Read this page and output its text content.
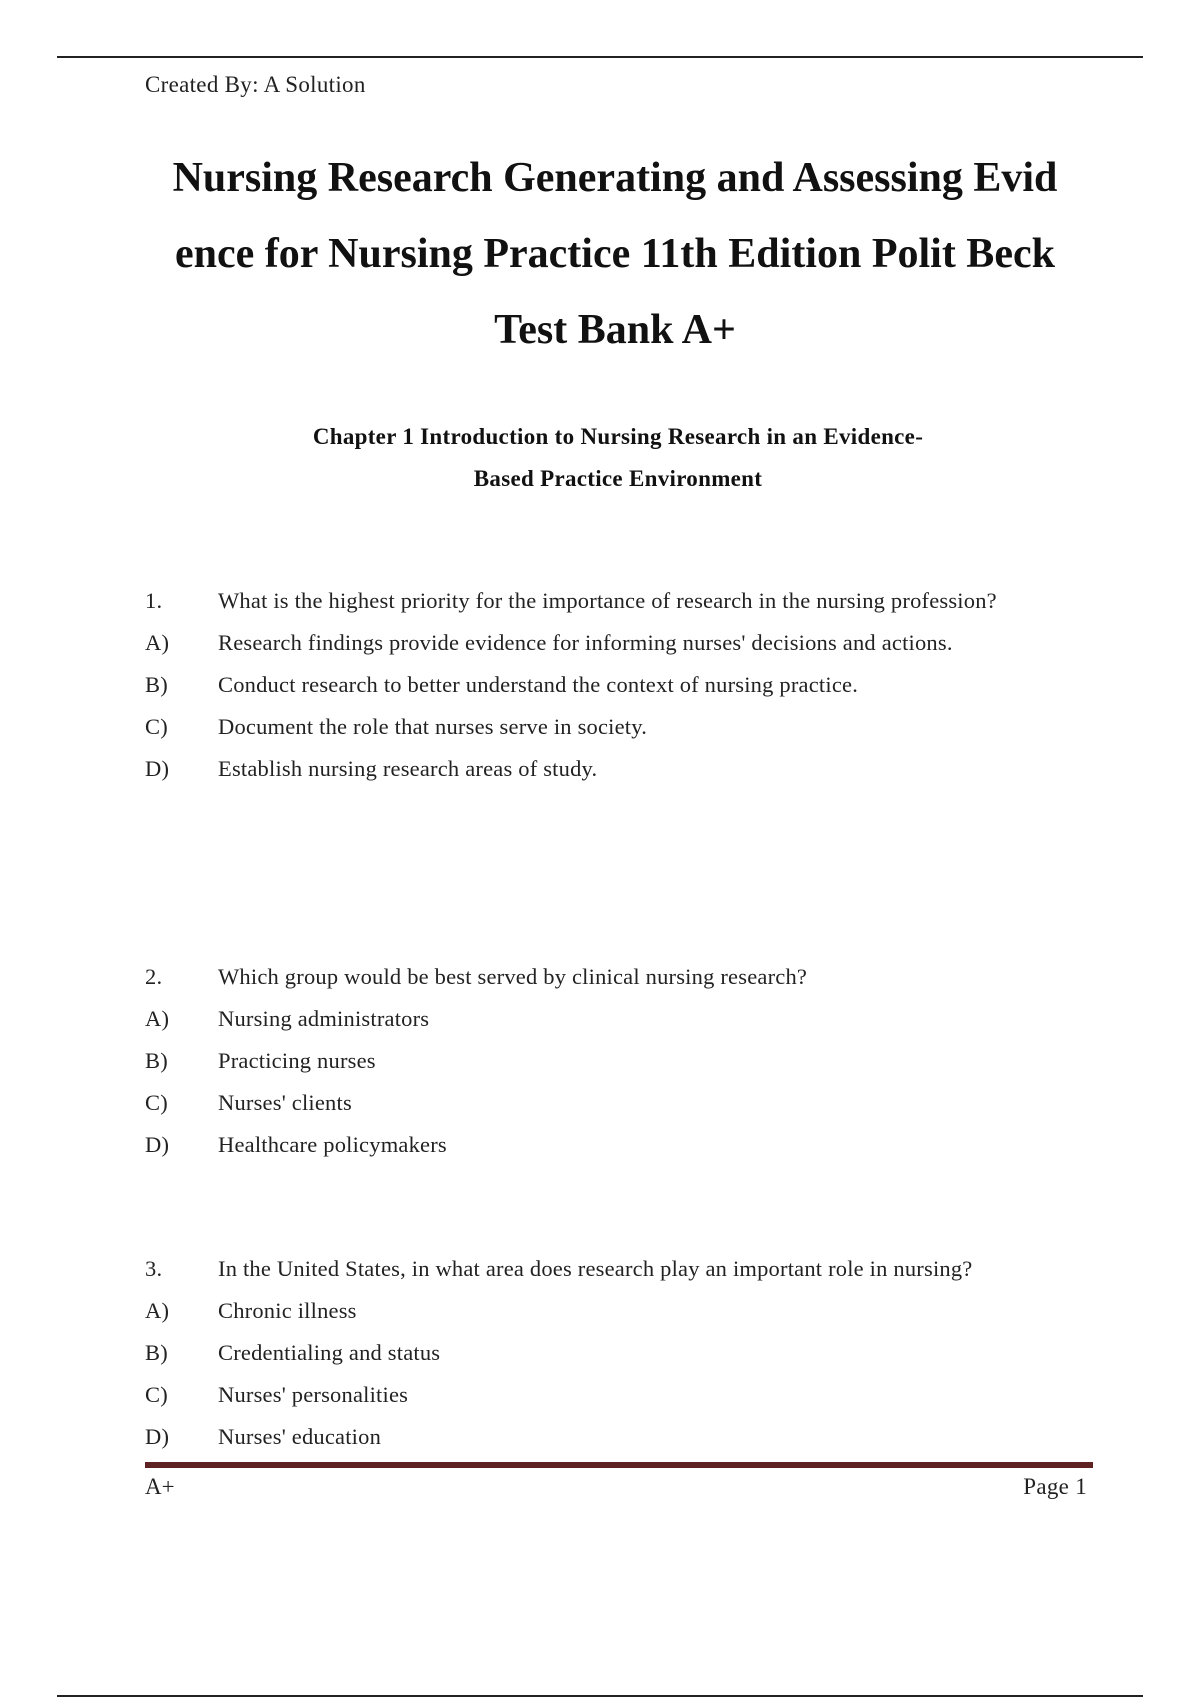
Created By: A Solution
Nursing Research Generating and Assessing Evid
ence for Nursing Practice 11th Edition Polit Beck
Test Bank A+
Chapter 1 Introduction to Nursing Research in an Evidence-
Based Practice Environment
1.	What is the highest priority for the importance of research in the nursing profession?
A)	Research findings provide evidence for informing nurses' decisions and actions.
B)	Conduct research to better understand the context of nursing practice.
C)	Document the role that nurses serve in society.
D)	Establish nursing research areas of study.
2.	Which group would be best served by clinical nursing research?
A)	Nursing administrators
B)	Practicing nurses
C)	Nurses' clients
D)	Healthcare policymakers
3.	In the United States, in what area does research play an important role in nursing?
A)	Chronic illness
B)	Credentialing and status
C)	Nurses' personalities
D)	Nurses' education
A+	Page 1
